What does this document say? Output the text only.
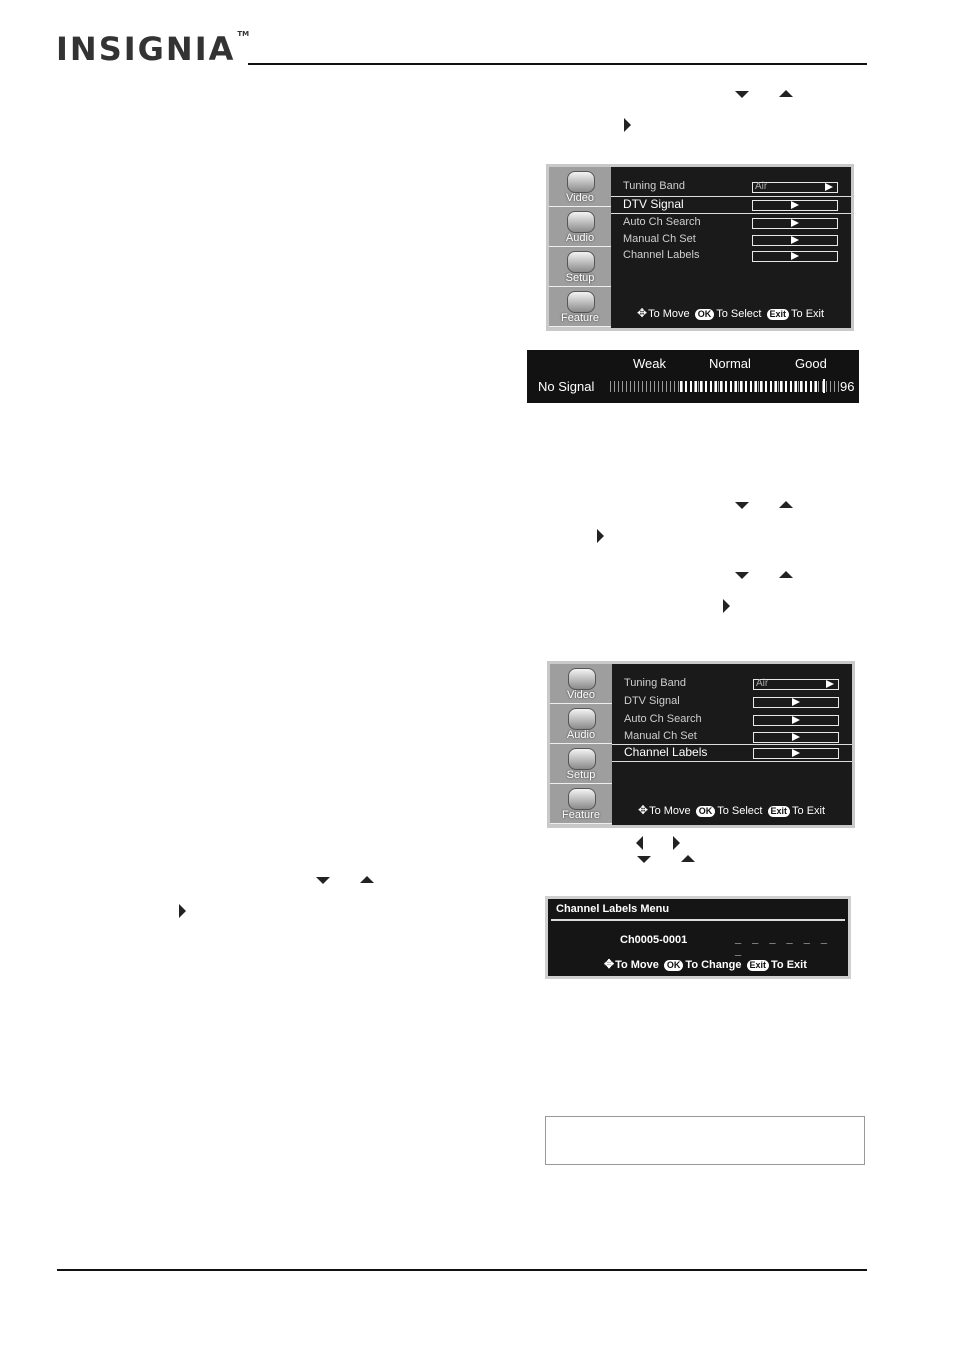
INSIGNIA ™
Video
Audio
Setup
Feature
Tuning Band	Air
DTV Signal
Auto Ch Search
Manual Ch Set
Channel Labels
✥To Move OK To Select Exit To Exit
Weak	Normal	Good
No Signal	96
Video
Audio
Setup
Feature
Tuning Band	Air
DTV Signal
Auto Ch Search
Manual Ch Set
Channel Labels
✥To Move OK To Select Exit To Exit
Channel Labels Menu
Ch0005-0001	_ _ _ _ _ _ _
✥To Move OK To Change Exit To Exit
